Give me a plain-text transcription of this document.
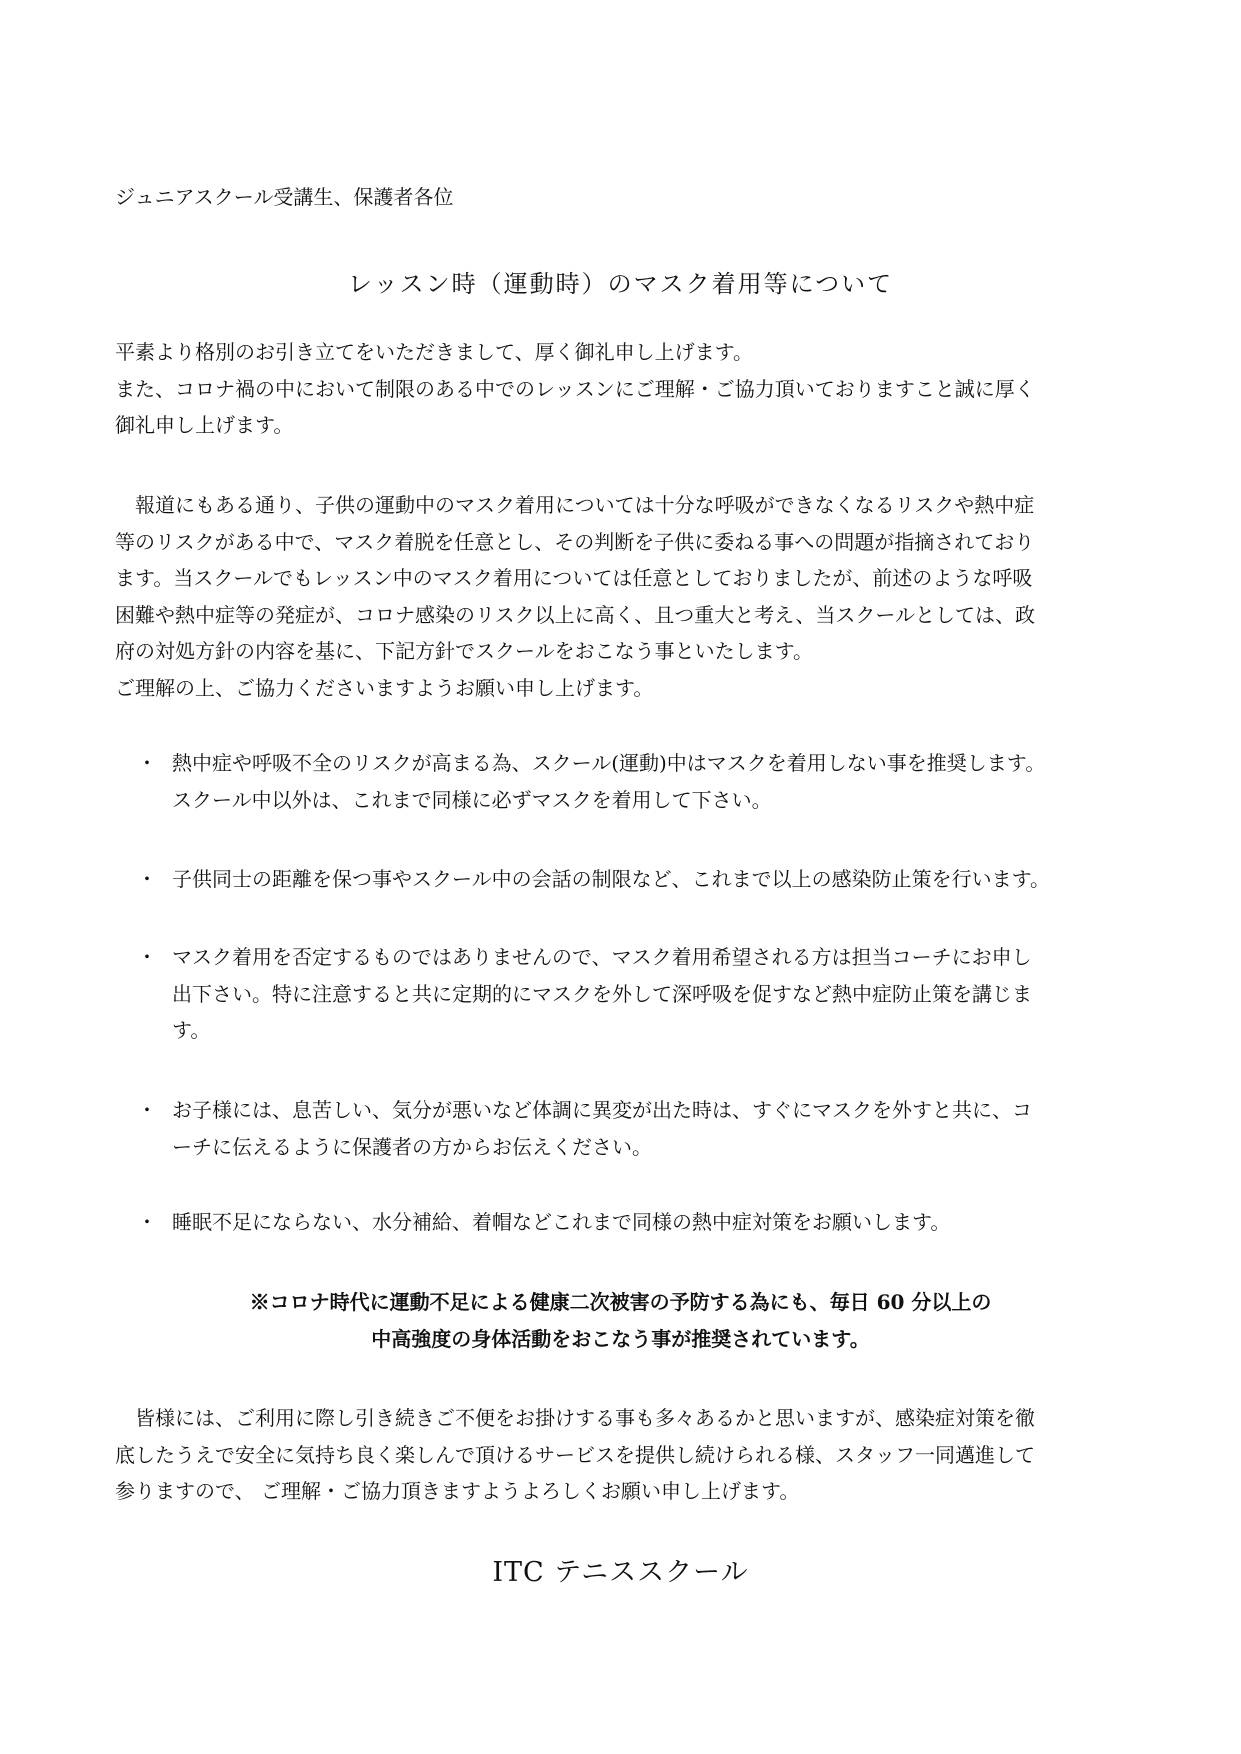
ジュニアスクール受講生、保護者各位
レッスン時（運動時）のマスク着用等について
平素より格別のお引き立てをいただきまして、厚く御礼申し上げます。
また、コロナ禍の中において制限のある中でのレッスンにご理解・ご協力頂いておりますこと誠に厚く
御礼申し上げます。
　報道にもある通り、子供の運動中のマスク着用については十分な呼吸ができなくなるリスクや熱中症
等のリスクがある中で、マスク着脱を任意とし、その判断を子供に委ねる事への問題が指摘されており
ます。当スクールでもレッスン中のマスク着用については任意としておりましたが、前述のような呼吸
困難や熱中症等の発症が、コロナ感染のリスク以上に高く、且つ重大と考え、当スクールとしては、政
府の対処方針の内容を基に、下記方針でスクールをおこなう事といたします。
ご理解の上、ご協力くださいますようお願い申し上げます。
・ 熱中症や呼吸不全のリスクが高まる為、スクール(運動)中はマスクを着用しない事を推奨します。
スクール中以外は、これまで同様に必ずマスクを着用して下さい。
・ 子供同士の距離を保つ事やスクール中の会話の制限など、これまで以上の感染防止策を行います。
・ マスク着用を否定するものではありませんので、マスク着用希望される方は担当コーチにお申し
出下さい。特に注意すると共に定期的にマスクを外して深呼吸を促すなど熱中症防止策を講じま
す。
・ お子様には、息苦しい、気分が悪いなど体調に異変が出た時は、すぐにマスクを外すと共に、コ
ーチに伝えるように保護者の方からお伝えください。
・ 睡眠不足にならない、水分補給、着帽などこれまで同様の熱中症対策をお願いします。
※コロナ時代に運動不足による健康二次被害の予防する為にも、毎日 60 分以上の
中高強度の身体活動をおこなう事が推奨されています。
　皆様には、ご利用に際し引き続きご不便をお掛けする事も多々あるかと思いますが、感染症対策を徹
底したうえで安全に気持ち良く楽しんで頂けるサービスを提供し続けられる様、スタッフ一同邁進して
参りますので、 ご理解・ご協力頂きますようよろしくお願い申し上げます。
ITC テニススクール
